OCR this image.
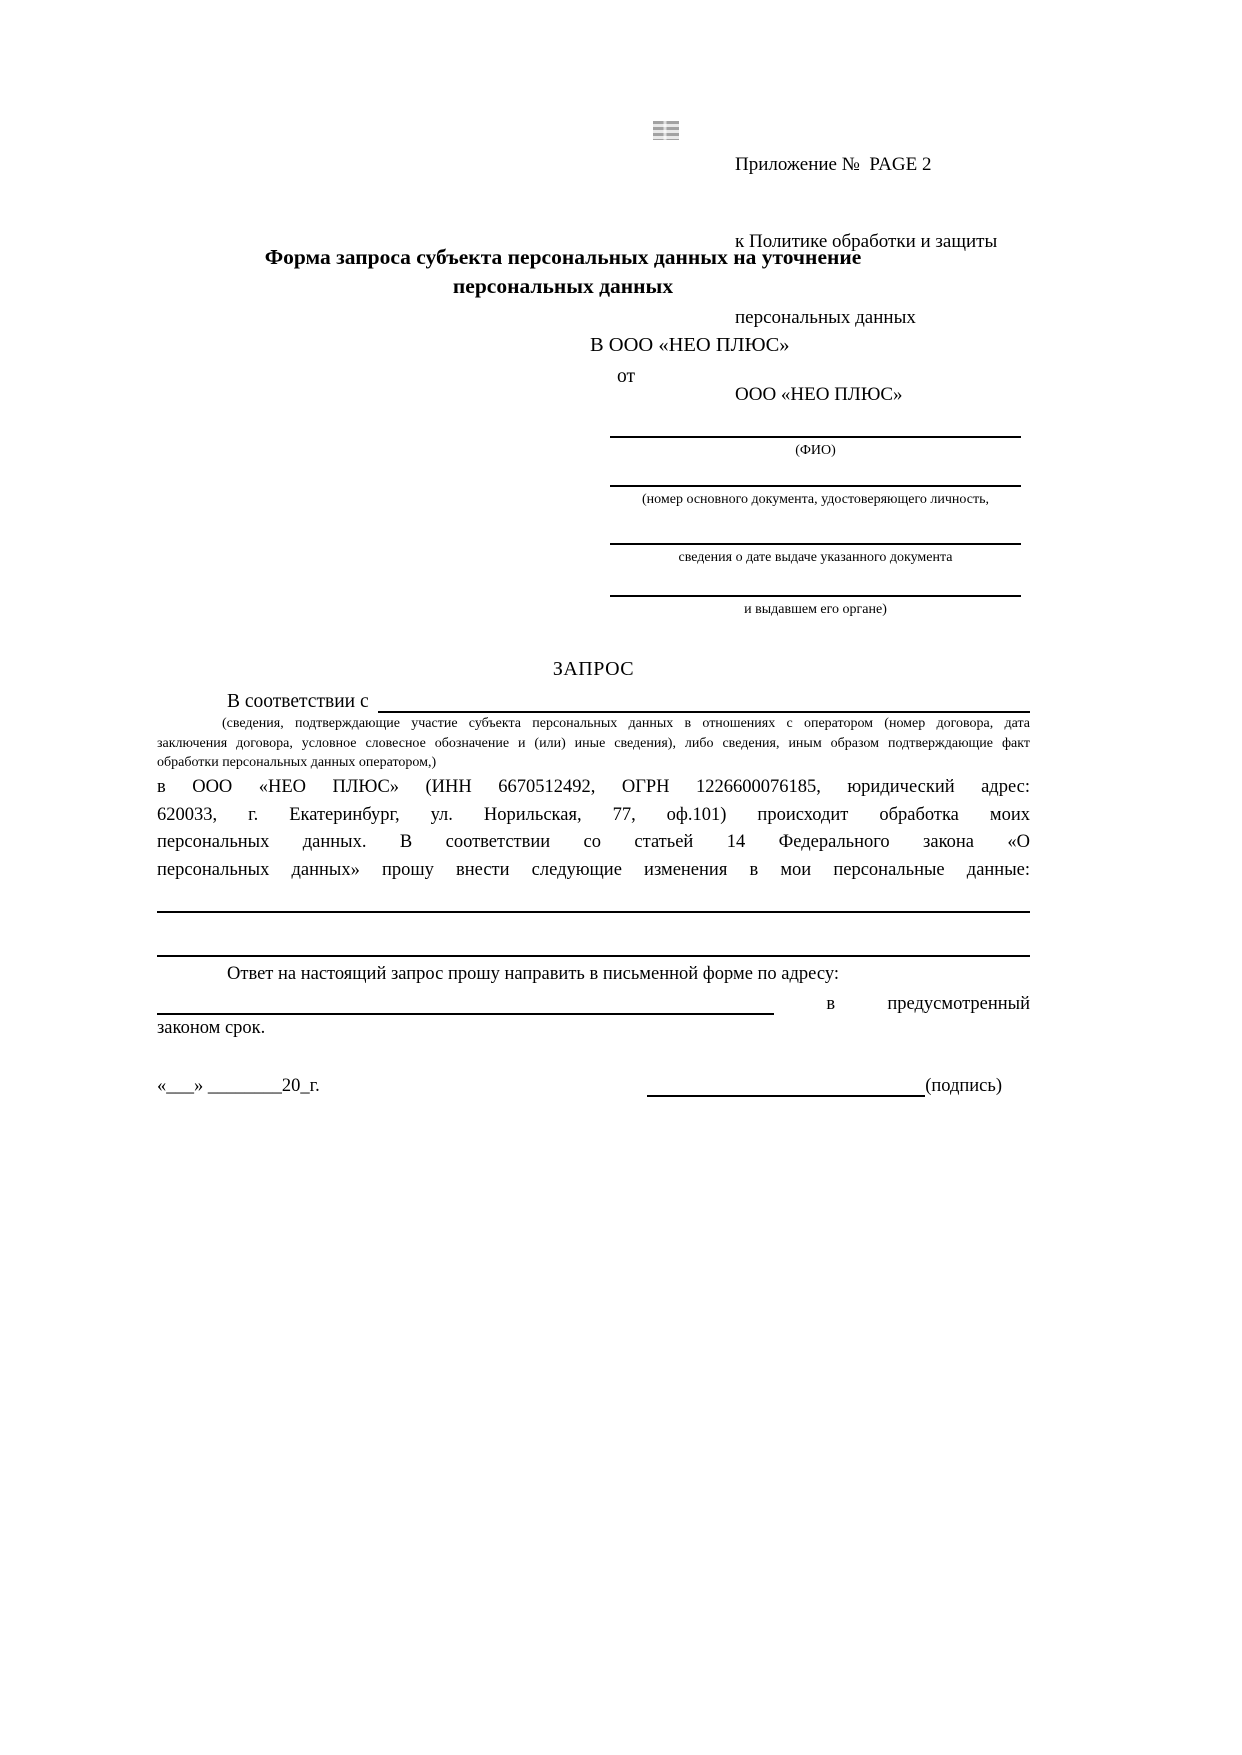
Приложение №  PAGE 2

к Политике обработки и защиты

персональных данных

ООО «НЕО ПЛЮС»

Форма запроса субъекта персональных данных на уточнение
персональных данных
В ООО «НЕО ПЛЮС»
от
(ФИО)
(номер основного документа, удостоверяющего личность,
сведения о дате выдаче указанного документа
и выдавшем его органе)
ЗАПРОС
В соответствии с
(сведения, подтверждающие участие субъекта персональных данных в отношениях с оператором (номер договора, дата
заключения договора, условное словесное обозначение и (или) иные сведения), либо сведения, иным образом подтверждающие факт
обработки персональных данных оператором,)
в ООО «НЕО ПЛЮС» (ИНН 6670512492, ОГРН 1226600076185, юридический адрес:
620033, г. Екатеринбург, ул. Норильская, 77, оф.101) происходит обработка моих
персональных данных. В соответствии со статьей 14 Федерального закона «О
персональных данных» прошу внести следующие изменения в мои персональные данные:
Ответ на настоящий запрос прошу направить в письменной форме по адресу:
в	предусмотренный
законом срок.
«___» ________20_г.	(подпись)
